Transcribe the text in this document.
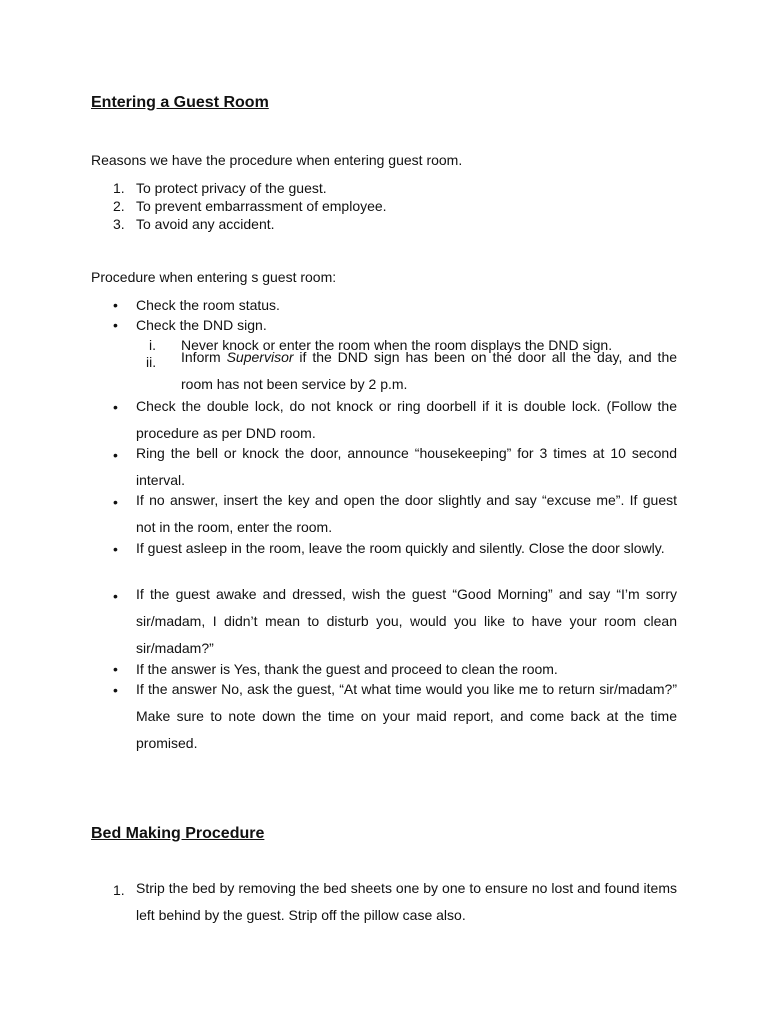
Entering a Guest Room
Reasons we have the procedure when entering guest room.
1. To protect privacy of the guest.
2. To prevent embarrassment of employee.
3. To avoid any accident.
Procedure when entering s guest room:
• Check the room status.
• Check the DND sign.
i. Never knock or enter the room when the room displays the DND sign.
ii. Inform Supervisor if the DND sign has been on the door all the day, and the room has not been service by 2 p.m.
• Check the double lock, do not knock or ring doorbell if it is double lock. (Follow the procedure as per DND room.
• Ring the bell or knock the door, announce “housekeeping” for 3 times at 10 second interval.
• If no answer, insert the key and open the door slightly and say “excuse me”. If guest not in the room, enter the room.
• If guest asleep in the room, leave the room quickly and silently. Close the door slowly.
• If the guest awake and dressed, wish the guest “Good Morning” and say “I’m sorry sir/madam, I didn’t mean to disturb you, would you like to have your room clean sir/madam?”
• If the answer is Yes, thank the guest and proceed to clean the room.
• If the answer No, ask the guest, “At what time would you like me to return sir/madam?” Make sure to note down the time on your maid report, and come back at the time promised.
Bed Making Procedure
1. Strip the bed by removing the bed sheets one by one to ensure no lost and found items left behind by the guest. Strip off the pillow case also.
